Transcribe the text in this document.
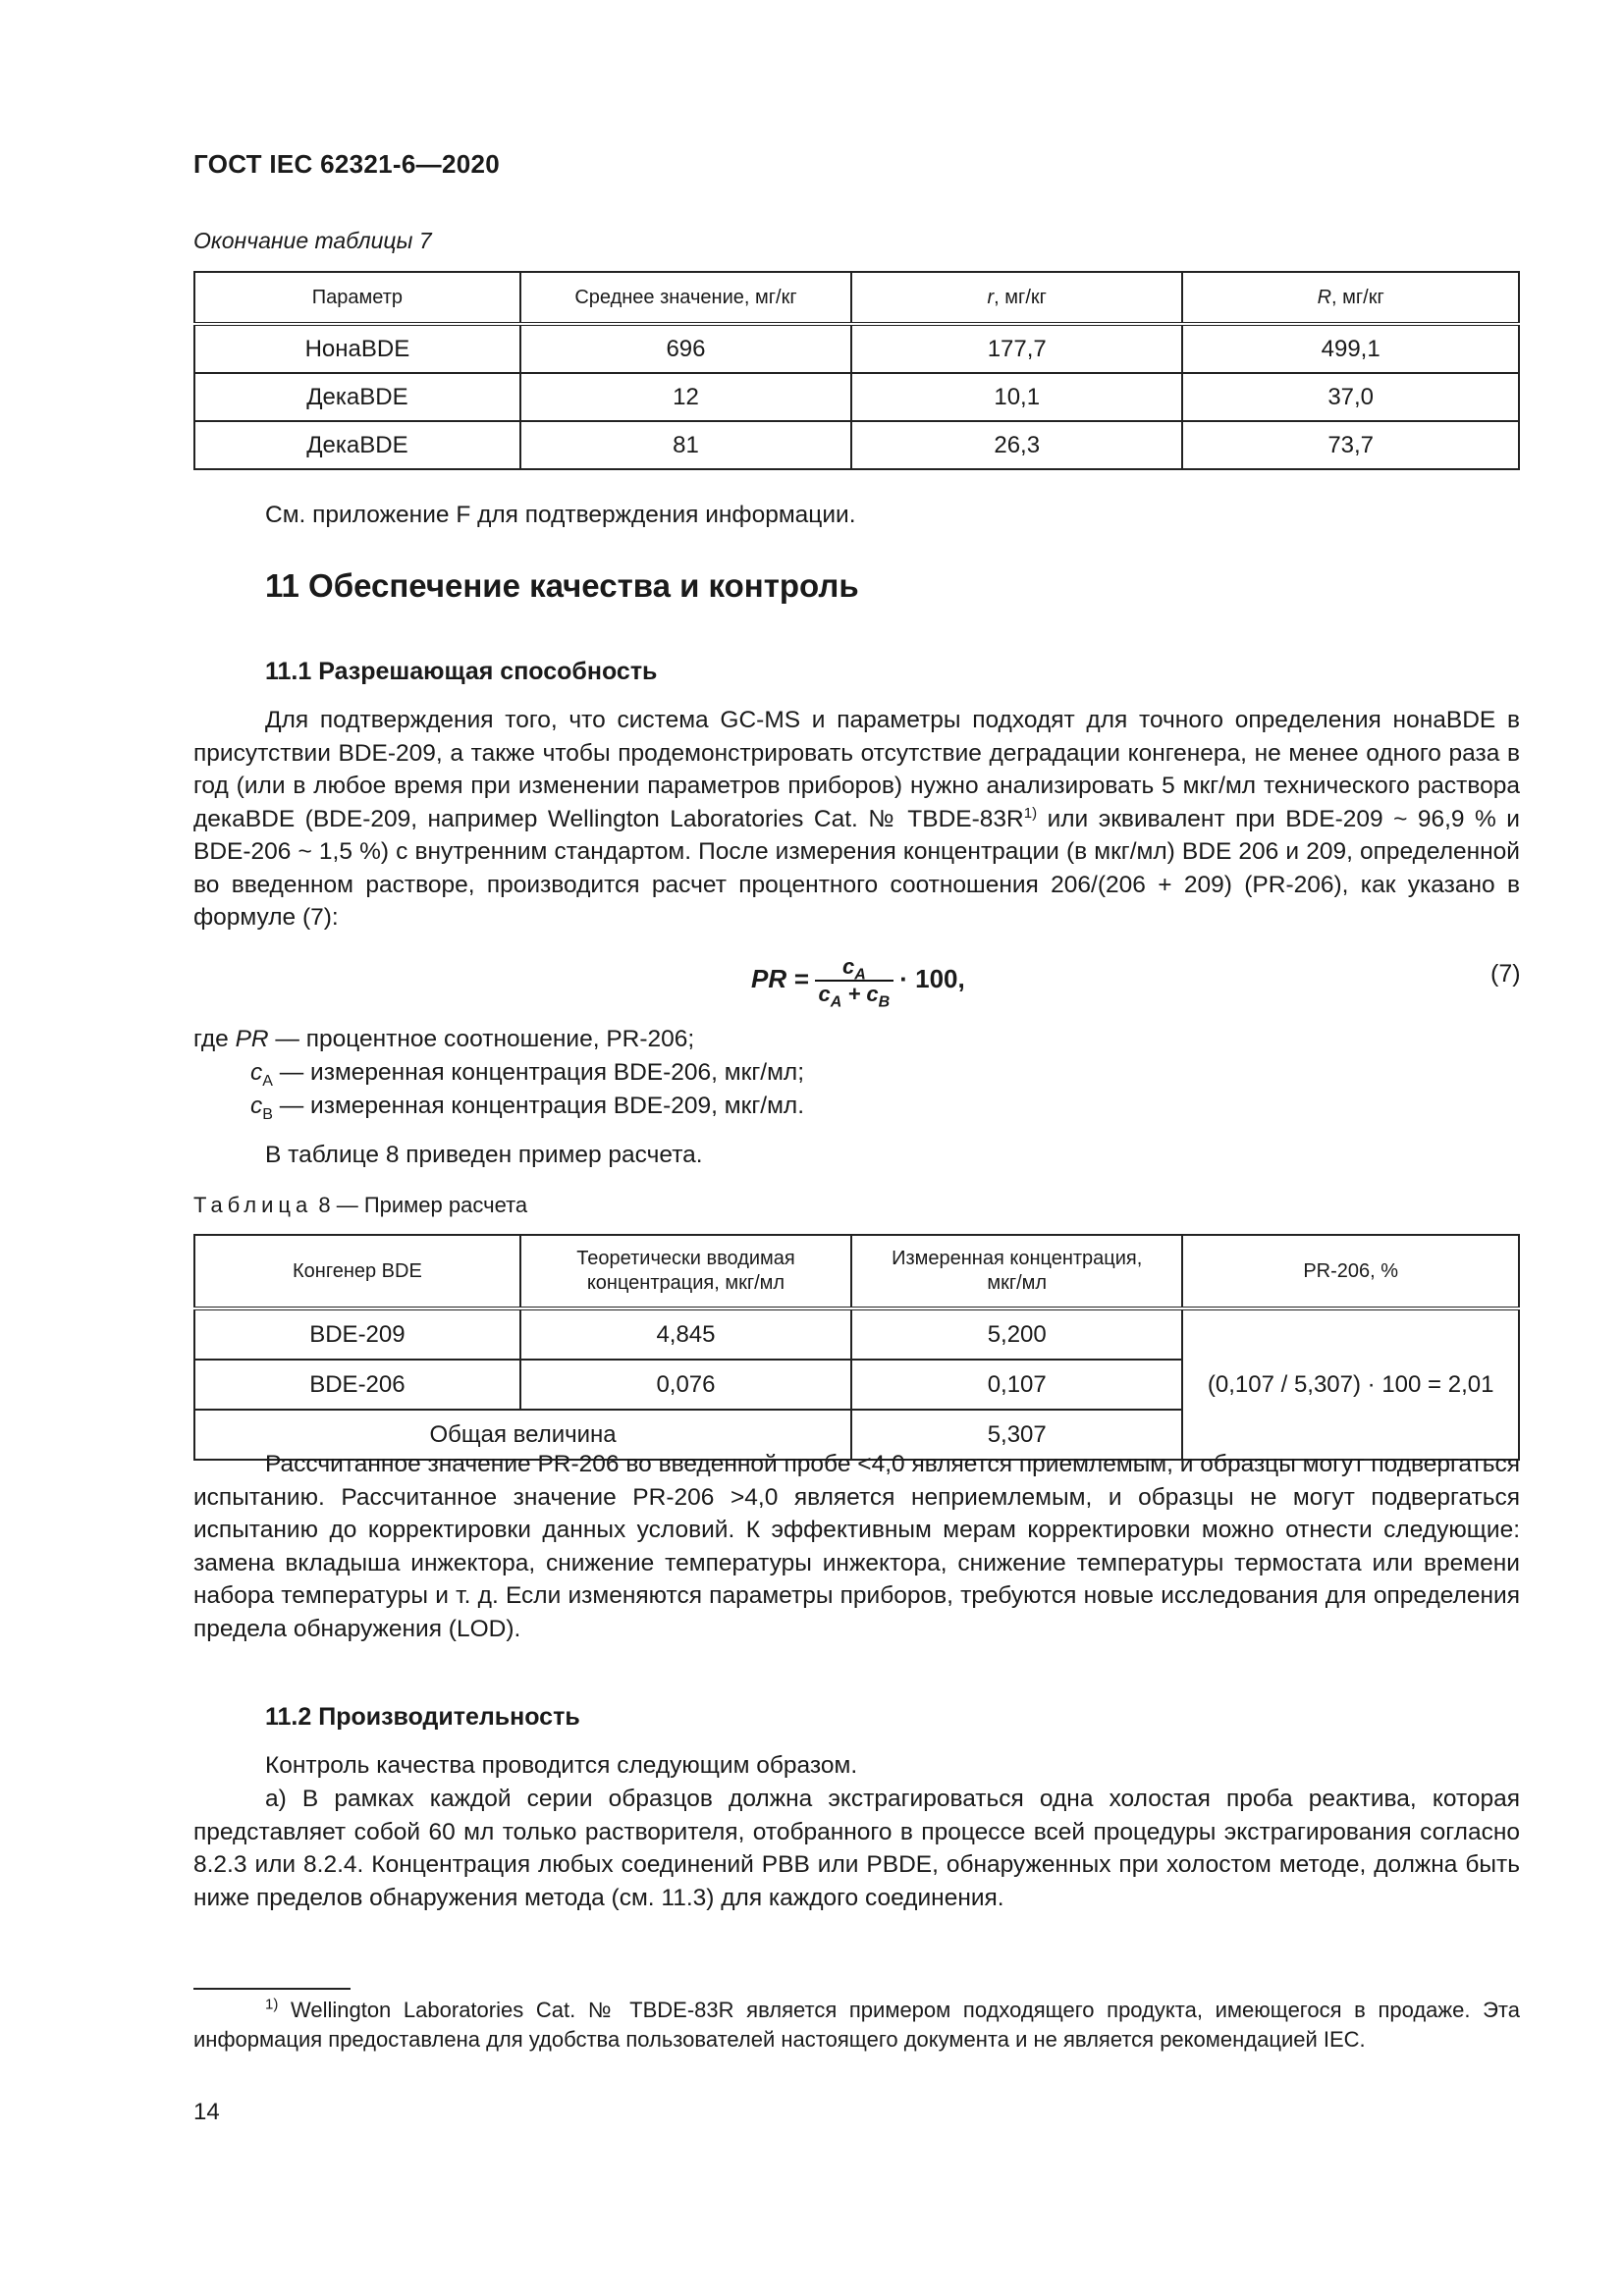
ГОСТ IEC 62321-6—2020
Окончание таблицы 7
Параметр	Среднее значение, мг/кг	r, мг/кг	R, мг/кг
НонаBDE	696	177,7	499,1
ДекаBDE	12	10,1	37,0
ДекаBDE	81	26,3	73,7
См. приложение F для подтверждения информации.
11 Обеспечение качества и контроль
11.1 Разрешающая способность
Для подтверждения того, что система GC-MS и параметры подходят для точного определения нонаBDE в присутствии BDE-209, а также чтобы продемонстрировать отсутствие деградации конгенера, не менее одного раза в год (или в любое время при изменении параметров приборов) нужно анализировать 5 мкг/мл технического раствора декаBDE (BDE-209, например Wellington Laboratories Cat. № TBDE-$83R^{1)}$ или эквивалент при BDE-209 ~ 96,9 % и BDE-206 ~ 1,5 %) с внутренним стандартом. После измерения концентрации (в мкг/мл) BDE 206 и 209, определенной во введенном растворе, производится расчет процентного соотношения 206/(206 + 209) (PR-206), как указано в формуле (7):
PR = $\frac{c_A}{c_A + c_B} \cdot 100$,	(7)
где PR — процентное соотношение, PR-206;
$c_A$ — измеренная концентрация BDE-206, мкг/мл;
$c_B$ — измеренная концентрация BDE-209, мкг/мл.
В таблице 8 приведен пример расчета.
Таблица 8 — Пример расчета
Конгенер BDE	Теоретически вводимая концентрация, мкг/мл	Измеренная концентрация, мкг/мл	PR-206, %
BDE-209	4,845	5,200	(0,107 / 5,307) · 100 = 2,01
BDE-206	0,076	0,107	
Общая величина		5,307	
Рассчитанное значение PR-206 во введенной пробе <4,0 является приемлемым, и образцы могут подвергаться испытанию. Рассчитанное значение PR-206 >4,0 является неприемлемым, и образцы не могут подвергаться испытанию до корректировки данных условий. К эффективным мерам корректировки можно отнести следующие: замена вкладыша инжектора, снижение температуры инжектора, снижение температуры термостата или времени набора температуры и т. д. Если изменяются параметры приборов, требуются новые исследования для определения предела обнаружения (LOD).
11.2 Производительность
Контроль качества проводится следующим образом.
а) В рамках каждой серии образцов должна экстрагироваться одна холостая проба реактива, которая представляет собой 60 мл только растворителя, отобранного в процессе всей процедуры экстрагирования согласно 8.2.3 или 8.2.4. Концентрация любых соединений PBB или PBDE, обнаруженных при холостом методе, должна быть ниже пределов обнаружения метода (см. 11.3) для каждого соединения.
$^{1)}$ Wellington Laboratories Cat. № TBDE-83R является примером подходящего продукта, имеющегося в продаже. Эта информация предоставлена для удобства пользователей настоящего документа и не является рекомендацией IEC.
14
